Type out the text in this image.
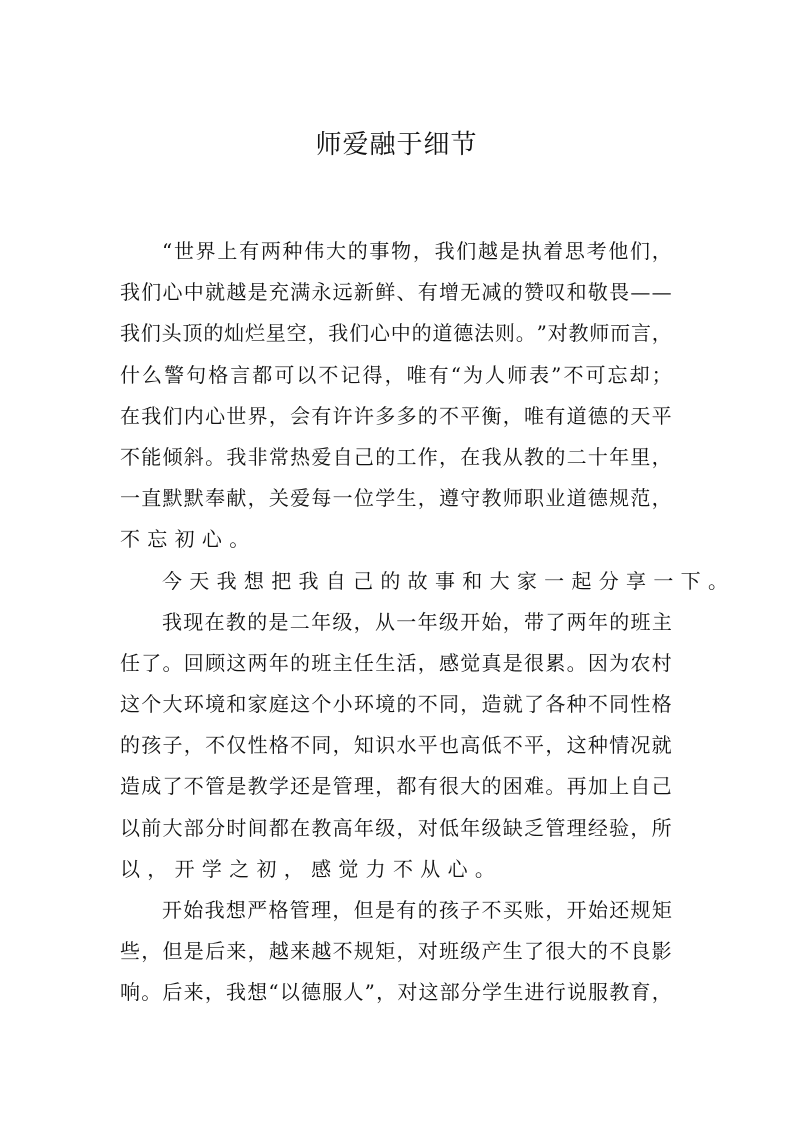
师爱融于细节
“ 世 界 上 有 两 种 伟 大 的 事 物 ， 我 们 越 是 执 着 思 考 他 们 ，
我 们 心 中 就 越 是 充 满 永 远 新 鲜 、 有 增 无 减 的 赞 叹 和 敬 畏 — —
我 们 头 顶 的 灿 烂 星 空 ， 我 们 心 中 的 道 德 法 则 。 ” 对 教 师 而 言 ，
什 么 警 句 格 言 都 可 以 不 记 得 ， 唯 有 “ 为 人 师 表 ” 不 可 忘 却 ；
在 我 们 内 心 世 界 ， 会 有 许 许 多 多 的 不 平 衡 ， 唯 有 道 德 的 天 平
不 能 倾 斜 。 我 非 常 热 爱 自 己 的 工 作 ， 在 我 从 教 的 二 十 年 里 ，
一 直 默 默 奉 献 ， 关 爱 每 一 位 学 生 ， 遵 守 教 师 职 业 道 德 规 范 ，
不 忘 初 心 。
今 天 我 想 把 我 自 己 的 故 事 和 大 家 一 起 分 享 一 下 。
我 现 在 教 的 是 二 年 级 ， 从 一 年 级 开 始 ， 带 了 两 年 的 班 主
任 了 。 回 顾 这 两 年 的 班 主 任 生 活 ， 感 觉 真 是 很 累 。 因 为 农 村
这 个 大 环 境 和 家 庭 这 个 小 环 境 的 不 同 ， 造 就 了 各 种 不 同 性 格
的 孩 子 ， 不 仅 性 格 不 同 ， 知 识 水 平 也 高 低 不 平 ， 这 种 情 况 就
造 成 了 不 管 是 教 学 还 是 管 理 ， 都 有 很 大 的 困 难 。 再 加 上 自 己
以 前 大 部 分 时 间 都 在 教 高 年 级 ， 对 低 年 级 缺 乏 管 理 经 验 ， 所
以 ， 开 学 之 初 ， 感 觉 力 不 从 心 。
开 始 我 想 严 格 管 理 ， 但 是 有 的 孩 子 不 买 账 ， 开 始 还 规 矩
些 ， 但 是 后 来 ， 越 来 越 不 规 矩 ， 对 班 级 产 生 了 很 大 的 不 良 影
响 。 后 来 ， 我 想 “ 以 德 服 人 ” ， 对 这 部 分 学 生 进 行 说 服 教 育 ，
